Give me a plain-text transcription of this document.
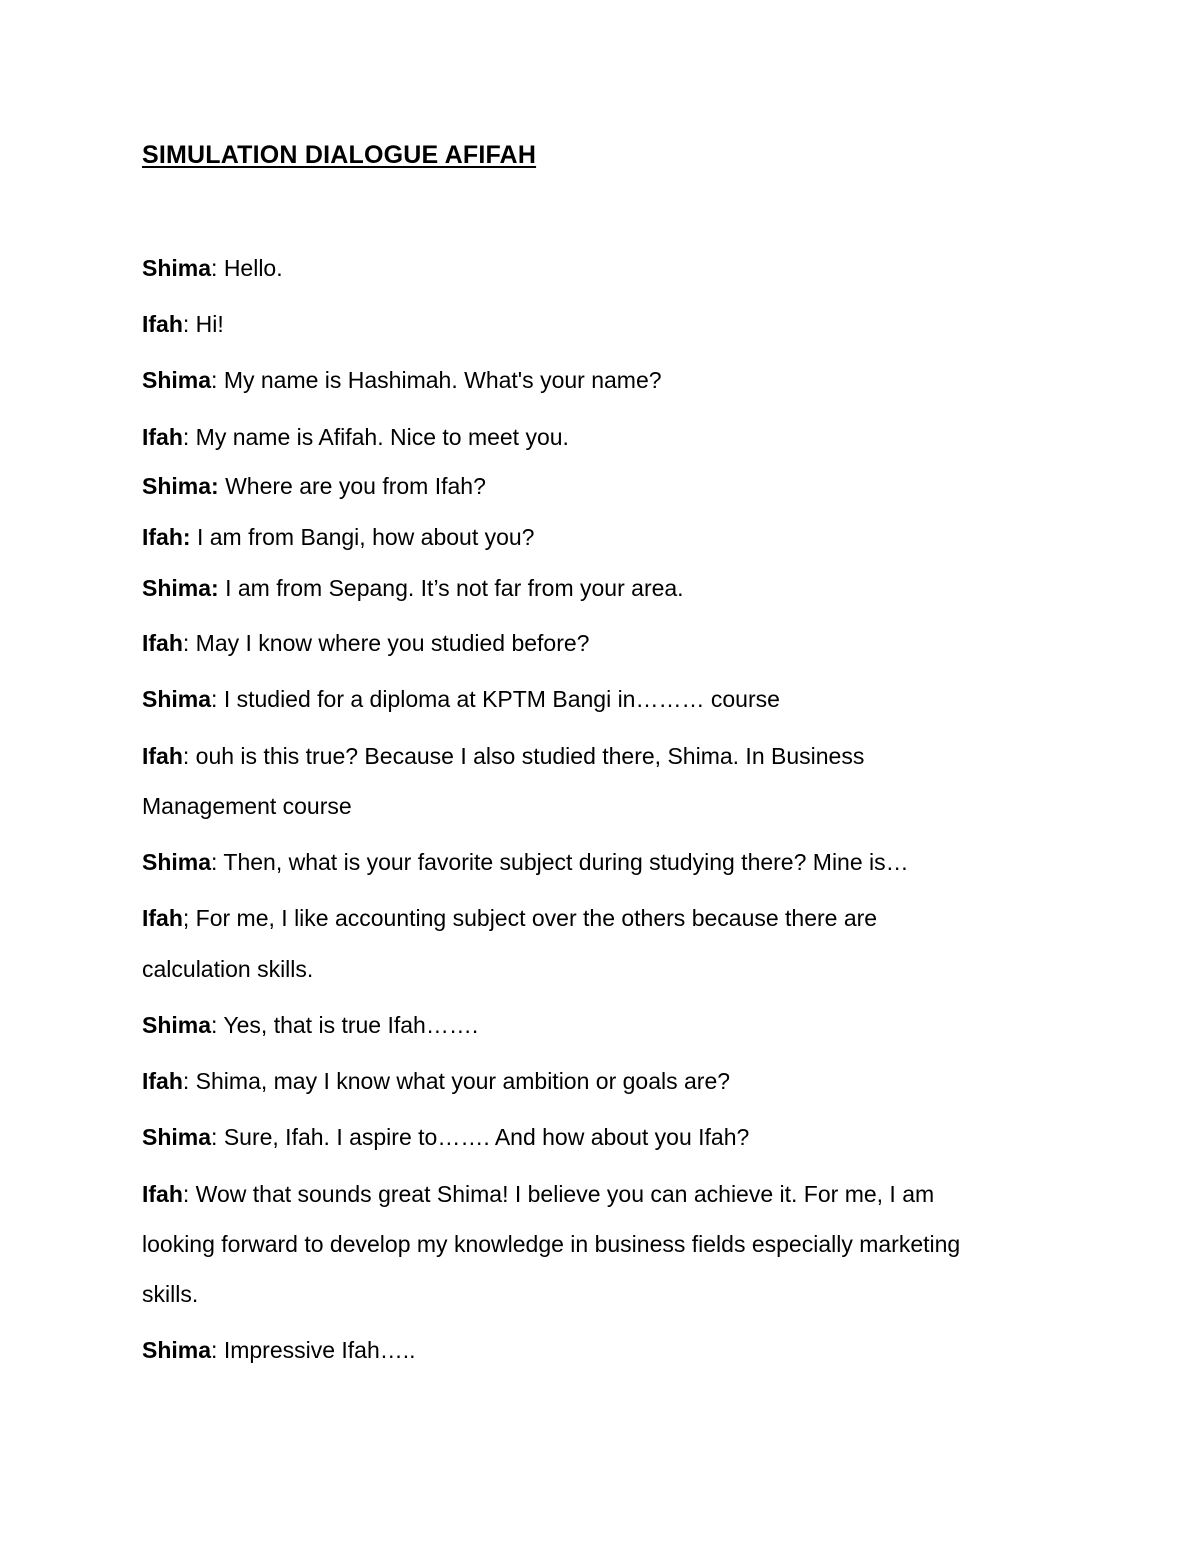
SIMULATION DIALOGUE AFIFAH
Shima: Hello.
Ifah: Hi!
Shima: My name is Hashimah. What's your name?
Ifah: My name is Afifah. Nice to meet you.
Shima: Where are you from Ifah?
Ifah: I am from Bangi, how about you?
Shima: I am from Sepang. It’s not far from your area.
Ifah: May I know where you studied before?
Shima: I studied for a diploma at KPTM Bangi in……… course
Ifah: ouh is this true? Because I also studied there, Shima. In Business
Management course
Shima: Then, what is your favorite subject during studying there? Mine is…
Ifah; For me, I like accounting subject over the others because there are
calculation skills.
Shima: Yes, that is true Ifah…….
Ifah: Shima, may I know what your ambition or goals are?
Shima: Sure, Ifah. I aspire to……. And how about you Ifah?
Ifah: Wow that sounds great Shima! I believe you can achieve it. For me, I am
looking forward to develop my knowledge in business fields especially marketing
skills.
Shima: Impressive Ifah…..
